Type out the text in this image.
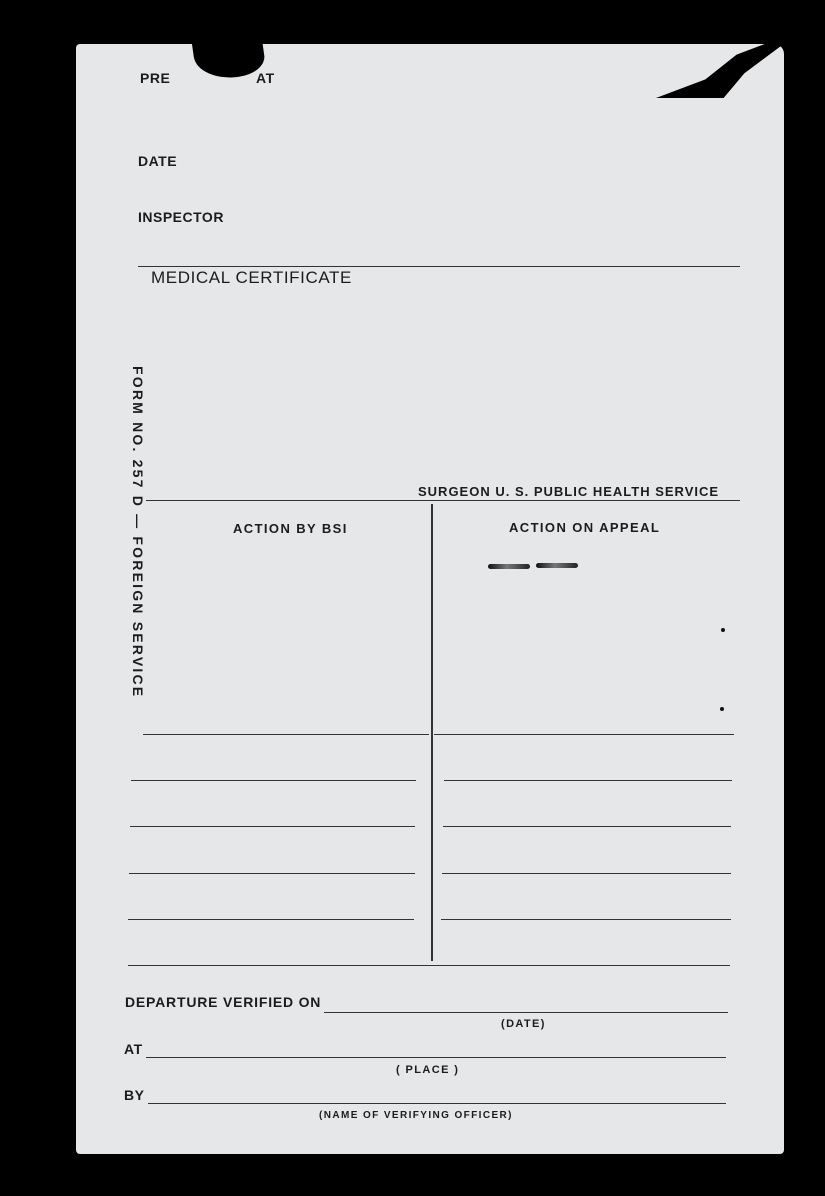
PRE	AT
DATE
INSPECTOR
MEDICAL CERTIFICATE
FORM NO. 257 D — FOREIGN SERVICE	SURGEON U. S. PUBLIC HEALTH SERVICE
ACTION BY BSI	ACTION ON APPEAL
DEPARTURE VERIFIED ON
(DATE)
AT
( PLACE )
BY
(NAME OF VERIFYING OFFICER)
